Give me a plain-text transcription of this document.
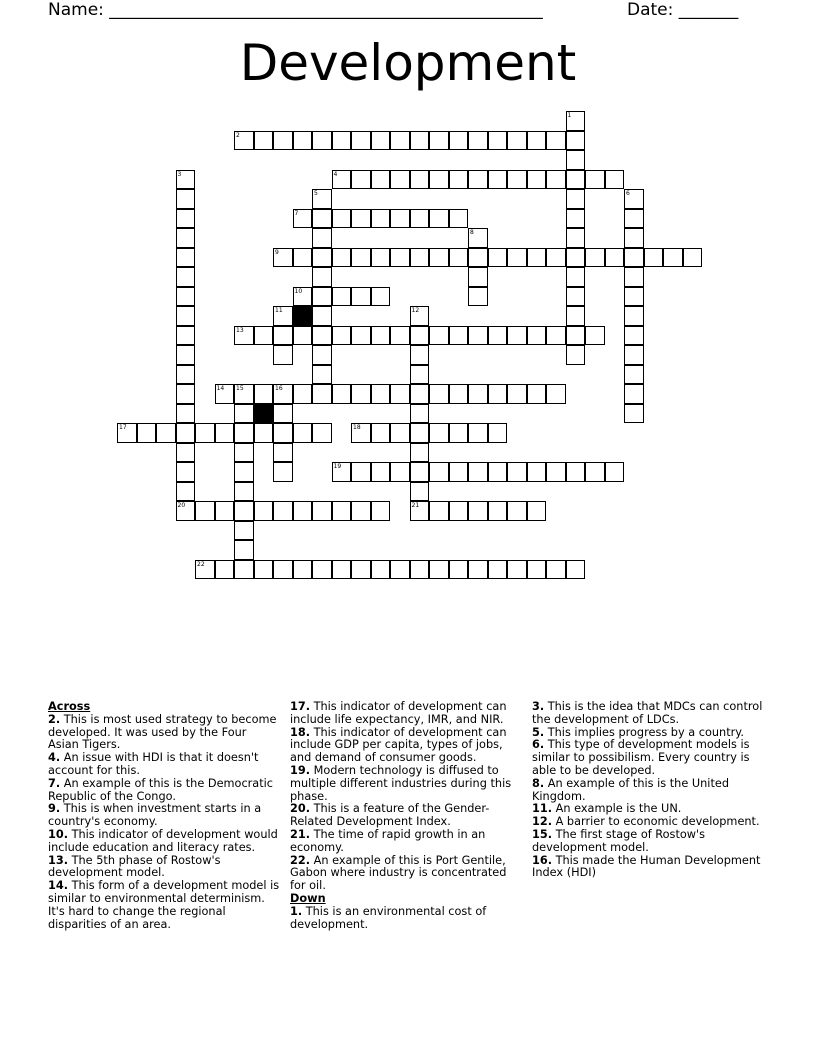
Name: ___________________________________________________	Date: _______
Development
1
2
3	4
5	6
7
8
9
10
11	12
21
13
14 15	16
17	18
19
20
22
Across
2. This is most used strategy to become developed. It was used by the Four Asian Tigers.
4. An issue with HDI is that it doesn't account for this.
7. An example of this is the Democratic Republic of the Congo.
9. This is when investment starts in a country's economy.
10. This indicator of development would include education and literacy rates.
13. The 5th phase of Rostow's development model.
14. This form of a development model is similar to environmental determinism. It's hard to change the regional disparities of an area.
17. This indicator of development can include life expectancy, IMR, and NIR.
18. This indicator of development can include GDP per capita, types of jobs, and demand of consumer goods.
19. Modern technology is diffused to multiple different industries during this phase.
20. This is a feature of the Gender-Related Development Index.
21. The time of rapid growth in an economy.
22. An example of this is Port Gentile, Gabon where industry is concentrated for oil.
Down
1. This is an environmental cost of development.
3. This is the idea that MDCs can control the development of LDCs.
5. This implies progress by a country.
6. This type of development models is similar to possibilism. Every country is able to be developed.
8. An example of this is the United Kingdom.
11. An example is the UN.
12. A barrier to economic development.
15. The first stage of Rostow's development model.
16. This made the Human Development Index (HDI)
